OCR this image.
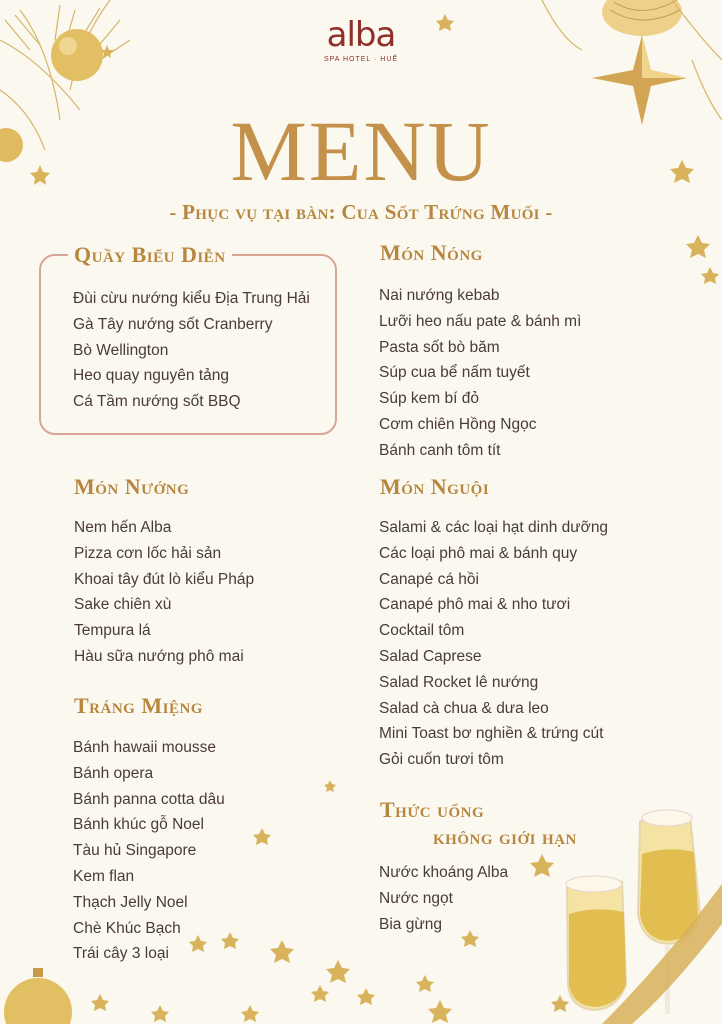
alba
SPA HOTEL · HUẾ
MENU
- Phục vụ tại bàn: Cua Sốt Trứng Muối -
Quầy Biểu Diễn
Đùi cừu nướng kiểu Địa Trung Hải
Gà Tây nướng sốt Cranberry
Bò Wellington
Heo quay nguyên tảng
Cá Tầm nướng sốt BBQ
Món Nóng
Nai nướng kebab
Lưỡi heo nấu pate & bánh mì
Pasta sốt bò băm
Súp cua bể nấm tuyết
Súp kem bí đỏ
Cơm chiên Hồng Ngọc
Bánh canh tôm tít
Món Nướng
Nem hến Alba
Pizza cơn lốc hải sản
Khoai tây đút lò kiểu Pháp
Sake chiên xù
Tempura lá
Hàu sữa nướng phô mai
Món Nguội
Salami & các loại hạt dinh dưỡng
Các loại phô mai & bánh quy
Canapé cá hồi
Canapé phô mai & nho tươi
Cocktail tôm
Salad Caprese
Salad Rocket lê nướng
Salad cà chua & dưa leo
Mini Toast bơ nghiền & trứng cút
Gỏi cuốn tươi tôm
Tráng Miệng
Bánh hawaii mousse
Bánh opera
Bánh panna cotta dâu
Bánh khúc gỗ Noel
Tàu hủ Singapore
Kem flan
Thạch Jelly Noel
Chè Khúc Bạch
Trái cây 3 loại
Thức uống
không giới hạn
Nước khoáng Alba
Nước ngọt
Bia gừng
